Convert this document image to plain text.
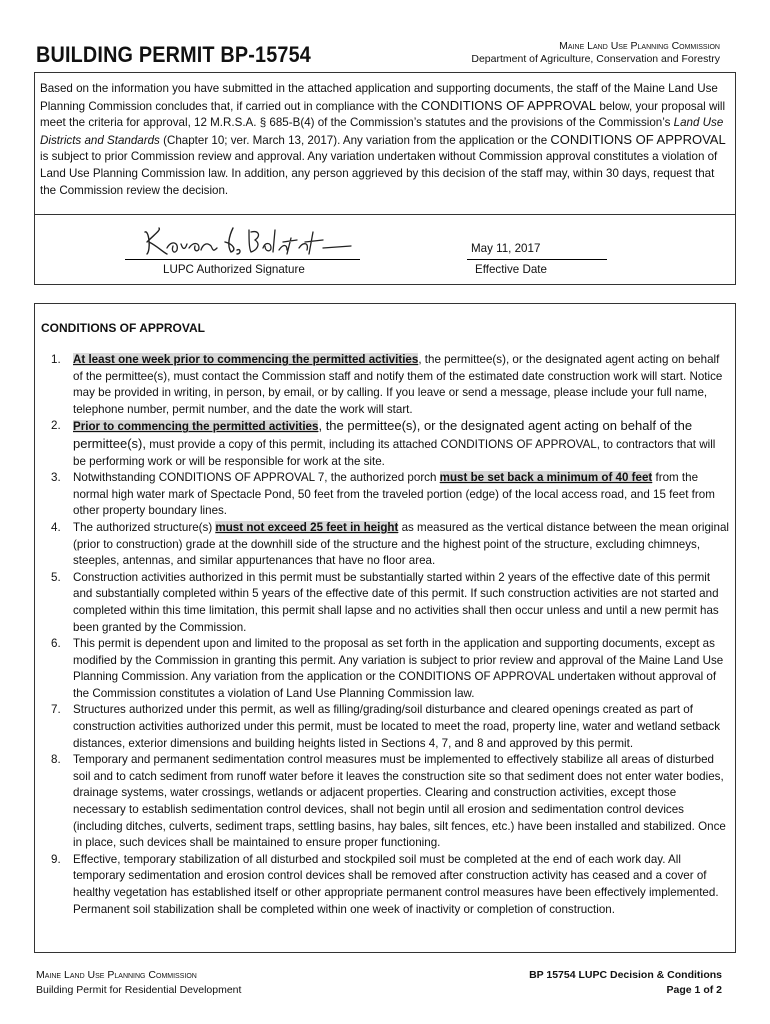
BUILDING PERMIT BP-15754	Maine Land Use Planning Commission
Department of Agriculture, Conservation and Forestry

Based on the information you have submitted in the attached application and supporting documents, the staff of the Maine Land Use Planning Commission concludes that, if carried out in compliance with the CONDITIONS OF APPROVAL below, your proposal will meet the criteria for approval, 12 M.R.S.A. § 685-B(4) of the Commission’s statutes and the provisions of the Commission’s Land Use Districts and Standards (Chapter 10; ver. March 13, 2017). Any variation from the application or the CONDITIONS OF APPROVAL is subject to prior Commission review and approval. Any variation undertaken without Commission approval constitutes a violation of Land Use Planning Commission law. In addition, any person aggrieved by this decision of the staff may, within 30 days, request that the Commission review the decision.

LUPC Authorized Signature
May 11, 2017
Effective Date
CONDITIONS OF APPROVAL
1. At least one week prior to commencing the permitted activities, the permittee(s), or the designated agent acting on behalf of the permittee(s), must contact the Commission staff and notify them of the estimated date construction work will start. Notice may be provided in writing, in person, by email, or by calling. If you leave or send a message, please include your full name, telephone number, permit number, and the date the work will start.
2. Prior to commencing the permitted activities, the permittee(s), or the designated agent acting on behalf of the permittee(s), must provide a copy of this permit, including its attached CONDITIONS OF APPROVAL, to contractors that will be performing work or will be responsible for work at the site.
3. Notwithstanding CONDITIONS OF APPROVAL 7, the authorized porch must be set back a minimum of 40 feet from the normal high water mark of Spectacle Pond, 50 feet from the traveled portion (edge) of the local access road, and 15 feet from other property boundary lines.
4. The authorized structure(s) must not exceed 25 feet in height as measured as the vertical distance between the mean original (prior to construction) grade at the downhill side of the structure and the highest point of the structure, excluding chimneys, steeples, antennas, and similar appurtenances that have no floor area.
5. Construction activities authorized in this permit must be substantially started within 2 years of the effective date of this permit and substantially completed within 5 years of the effective date of this permit. If such construction activities are not started and completed within this time limitation, this permit shall lapse and no activities shall then occur unless and until a new permit has been granted by the Commission.
6. This permit is dependent upon and limited to the proposal as set forth in the application and supporting documents, except as modified by the Commission in granting this permit. Any variation is subject to prior review and approval of the Maine Land Use Planning Commission. Any variation from the application or the CONDITIONS OF APPROVAL undertaken without approval of the Commission constitutes a violation of Land Use Planning Commission law.
7. Structures authorized under this permit, as well as filling/grading/soil disturbance and cleared openings created as part of construction activities authorized under this permit, must be located to meet the road, property line, water and wetland setback distances, exterior dimensions and building heights listed in Sections 4, 7, and 8 and approved by this permit.
8. Temporary and permanent sedimentation control measures must be implemented to effectively stabilize all areas of disturbed soil and to catch sediment from runoff water before it leaves the construction site so that sediment does not enter water bodies, drainage systems, water crossings, wetlands or adjacent properties. Clearing and construction activities, except those necessary to establish sedimentation control devices, shall not begin until all erosion and sedimentation control devices (including ditches, culverts, sediment traps, settling basins, hay bales, silt fences, etc.) have been installed and stabilized. Once in place, such devices shall be maintained to ensure proper functioning.
9. Effective, temporary stabilization of all disturbed and stockpiled soil must be completed at the end of each work day. All temporary sedimentation and erosion control devices shall be removed after construction activity has ceased and a cover of healthy vegetation has established itself or other appropriate permanent control measures have been effectively implemented. Permanent soil stabilization shall be completed within one week of inactivity or completion of construction.
Maine Land Use Planning Commission
Building Permit for Residential Development
BP 15754 LUPC Decision & Conditions
Page 1 of 2
